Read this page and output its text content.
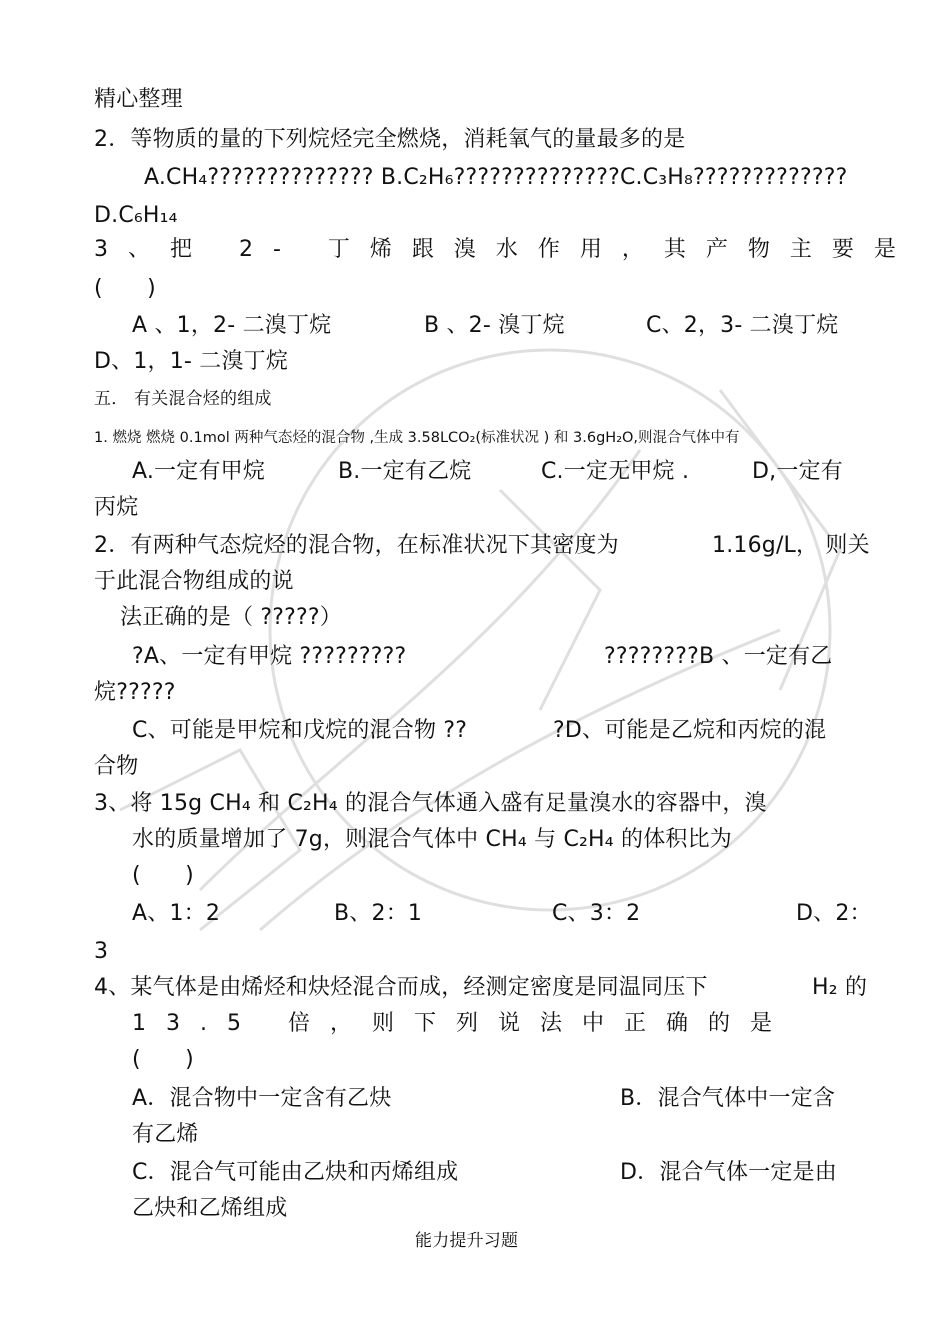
精心整理
2．等物质的量的下列烷烃完全燃烧，消耗氧气的量最多的是
A.CH₄?????????????? B.C₂H₆??????????????C.C₃H₈?????????????
D.C₆H₁₄
3、把 2- 丁烯跟溴水作用，其产物主要是
(　　)
A 、1，2- 二溴丁烷	B 、2- 溴丁烷	C、2，3- 二溴丁烷
D、1，1- 二溴丁烷
五． 有关混合烃的组成
1. 燃烧 燃烧 0.1mol 两种气态烃的混合物 ,生成 3.58LCO₂(标准状况 ) 和 3.6gH₂O,则混合气体中有
A.一定有甲烷	B.一定有乙烷	C.一定无甲烷 .	D,一定有
丙烷
2．有两种气态烷烃的混合物，在标准状况下其密度为	1.16g/L， 则关
于此混合物组成的说
法正确的是（ ?????）
?A、一定有甲烷 ?????????	????????B 、一定有乙
烷?????
C、可能是甲烷和戊烷的混合物 ??	?D、可能是乙烷和丙烷的混
合物
3、将 15g CH₄ 和 C₂H₄ 的混合气体通入盛有足量溴水的容器中，溴
水的质量增加了 7g，则混合气体中 CH₄ 与 C₂H₄ 的体积比为
(　　)
A、1：2	B、2：1	C、3：2	D、2：
3
4、某气体是由烯烃和炔烃混合而成，经测定密度是同温同压下	H₂ 的
13.5 倍，则下列说法中正确的是
(　　)
A．混合物中一定含有乙炔	B．混合气体中一定含
有乙烯
C．混合气可能由乙炔和丙烯组成	D．混合气体一定是由
乙炔和乙烯组成
能力提升习题
